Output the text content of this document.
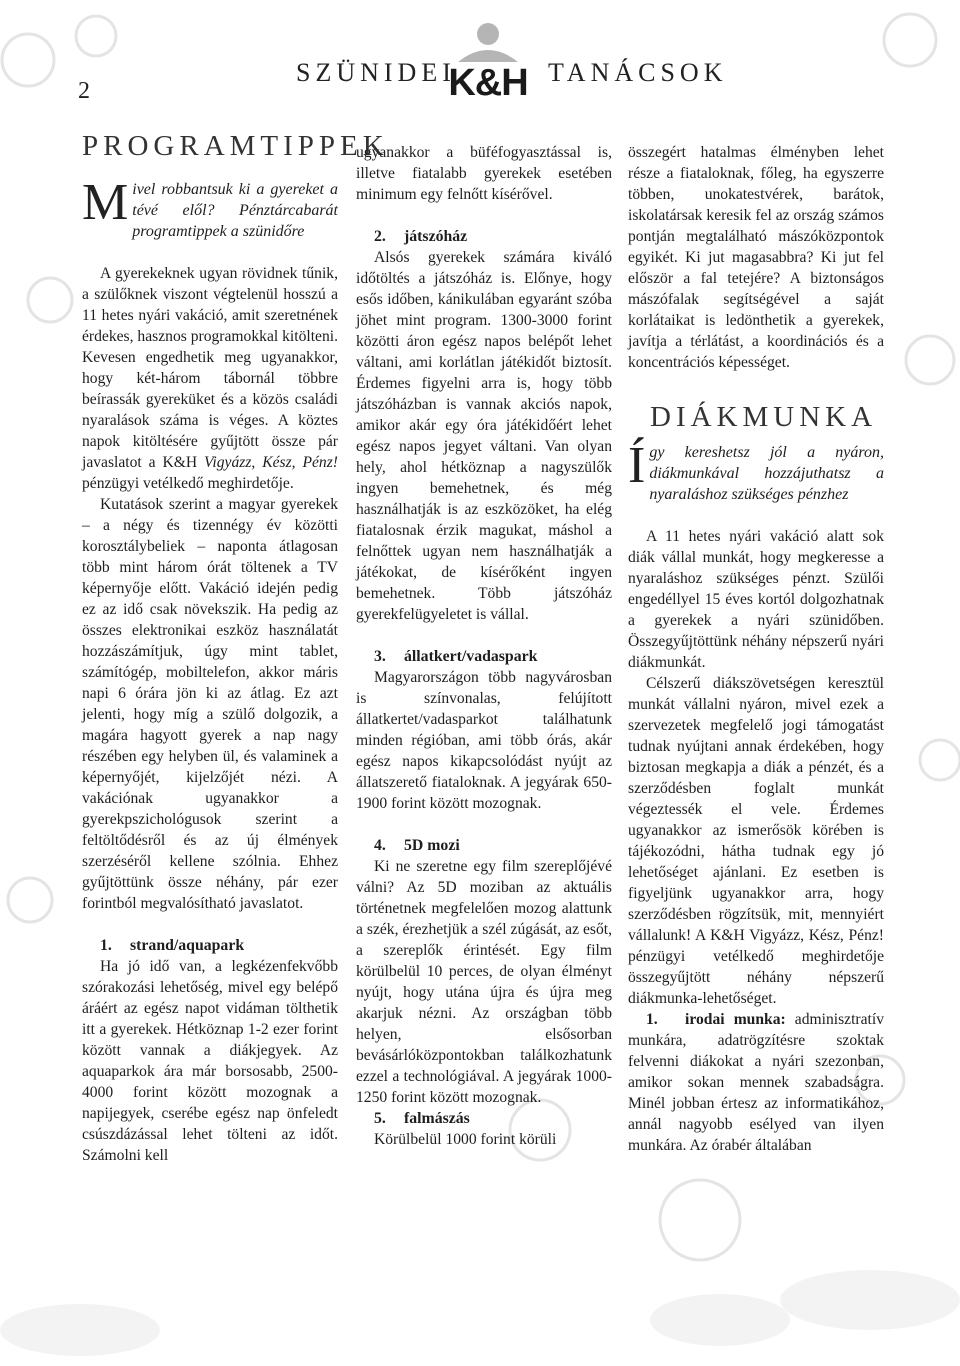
2
SZÜNIDEI
K&H TANÁCSOK
PROGRAMTIPPEK

Mivel robbantsuk ki a gyereket a tévé elől? Pénztárcabarát programtippek a szünidőre

A gyerekeknek ugyan rövidnek tűnik, a szülőknek viszont végtelenül hosszú a 11 hetes nyári vakáció, amit szeretnének érdekes, hasznos programokkal kitölteni. Kevesen engedhetik meg ugyanakkor, hogy két-három tábornál többre beírassák gyereküket és a közös családi nyaralások száma is véges. A köztes napok kitöltésére gyűjtött össze pár javaslatot a K&H Vigyázz, Kész, Pénz! pénzügyi vetélkedő meghirdetője.

Kutatások szerint a magyar gyerekek – a négy és tizennégy év közötti korosztálybeliek – naponta átlagosan több mint három órát töltenek a TV képernyője előtt. Vakáció idején pedig ez az idő csak növekszik. Ha pedig az összes elektronikai eszköz használatát hozzászámítjuk, úgy mint tablet, számítógép, mobiltelefon, akkor máris napi 6 órára jön ki az átlag. Ez azt jelenti, hogy míg a szülő dolgozik, a magára hagyott gyerek a nap nagy részében egy helyben ül, és valaminek a képernyőjét, kijelzőjét nézi. A vakációnak ugyanakkor a gyerekpszichológusok szerint a feltöltődésről és az új élmények szerzéséről kellene szólnia. Ehhez gyűjtöttünk össze néhány, pár ezer forintból megvalósítható javaslatot.

1. strand/aquapark

Ha jó idő van, a legkézenfekvőbb szórakozási lehetőség, mivel egy belépő áráért az egész napot vidáman tölthetik itt a gyerekek. Hétköznap 1-2 ezer forint között vannak a diákjegyek. Az aquaparkok ára már borsosabb, 2500-4000 forint között mozognak a napijegyek, cserébe egész nap önfeledt csúszdázással lehet tölteni az időt. Számolni kell

ugyanakkor a büféfogyasztással is, illetve fiatalabb gyerekek esetében minimum egy felnőtt kísérővel.

2. játszóház

Alsós gyerekek számára kiváló időtöltés a játszóház is. Előnye, hogy esős időben, kánikulában egyaránt szóba jöhet mint program. 1300-3000 forint közötti áron egész napos belépőt lehet váltani, ami korlátlan játékidőt biztosít. Érdemes figyelni arra is, hogy több játszóházban is vannak akciós napok, amikor akár egy óra játékidőért lehet egész napos jegyet váltani. Van olyan hely, ahol hétköznap a nagyszülők ingyen bemehetnek, és még használhatják is az eszközöket, ha elég fiatalosnak érzik magukat, máshol a felnőttek ugyan nem használhatják a játékokat, de kísérőként ingyen bemehetnek. Több játszóház gyerekfelügyeletet is vállal.

3. állatkert/vadaspark

Magyarországon több nagyvárosban is színvonalas, felújított állatkertet/vadasparkot találhatunk minden régióban, ami több órás, akár egész napos kikapcsolódást nyújt az állatszerető fiataloknak. A jegyárak 650-1900 forint között mozognak.

4. 5D mozi

Ki ne szeretne egy film szereplőjévé válni? Az 5D moziban az aktuális történetnek megfelelően mozog alattunk a szék, érezhetjük a szél zúgását, az esőt, a szereplők érintését. Egy film körülbelül 10 perces, de olyan élményt nyújt, hogy utána újra és újra meg akarjuk nézni. Az országban több helyen, elsősorban bevásárlóközpontokban találkozhatunk ezzel a technológiával. A jegyárak 1000-1250 forint között mozognak.

5. falmászás

Körülbelül 1000 forint körüli

összegért hatalmas élményben lehet része a fiataloknak, főleg, ha egyszerre többen, unokatestvérek, barátok, iskolatársak keresik fel az ország számos pontján megtalálható mászóközpontok egyikét. Ki jut magasabbra? Ki jut fel először a fal tetejére? A biztonságos mászófalak segítségével a saját korlátaikat is ledönthetik a gyerekek, javítja a térlátást, a koordinációs és a koncentrációs képességet.

DIÁKMUNKA

Így kereshetsz jól a nyáron, diákmunkával hozzájuthatsz a nyaraláshoz szükséges pénzhez

A 11 hetes nyári vakáció alatt sok diák vállal munkát, hogy megkeresse a nyaraláshoz szükséges pénzt. Szülői engedéllyel 15 éves kortól dolgozhatnak a gyerekek a nyári szünidőben. Összegyűjtöttünk néhány népszerű nyári diákmunkát.

Célszerű diákszövetségen keresztül munkát vállalni nyáron, mivel ezek a szervezetek megfelelő jogi támogatást tudnak nyújtani annak érdekében, hogy biztosan megkapja a diák a pénzét, és a szerződésben foglalt munkát végeztessék el vele. Érdemes ugyanakkor az ismerősök körében is tájékozódni, hátha tudnak egy jó lehetőséget ajánlani. Ez esetben is figyeljünk ugyanakkor arra, hogy szerződésben rögzítsük, mit, mennyiért vállalunk! A K&H Vigyázz, Kész, Pénz! pénzügyi vetélkedő meghirdetője összegyűjtött néhány népszerű diákmunka-lehetőséget.

1. irodai munka: adminisztratív munkára, adatrögzítésre szoktak felvenni diákokat a nyári szezonban, amikor sokan mennek szabadságra. Minél jobban értesz az informatikához, annál nagyobb esélyed van ilyen munkára. Az órabér általában
